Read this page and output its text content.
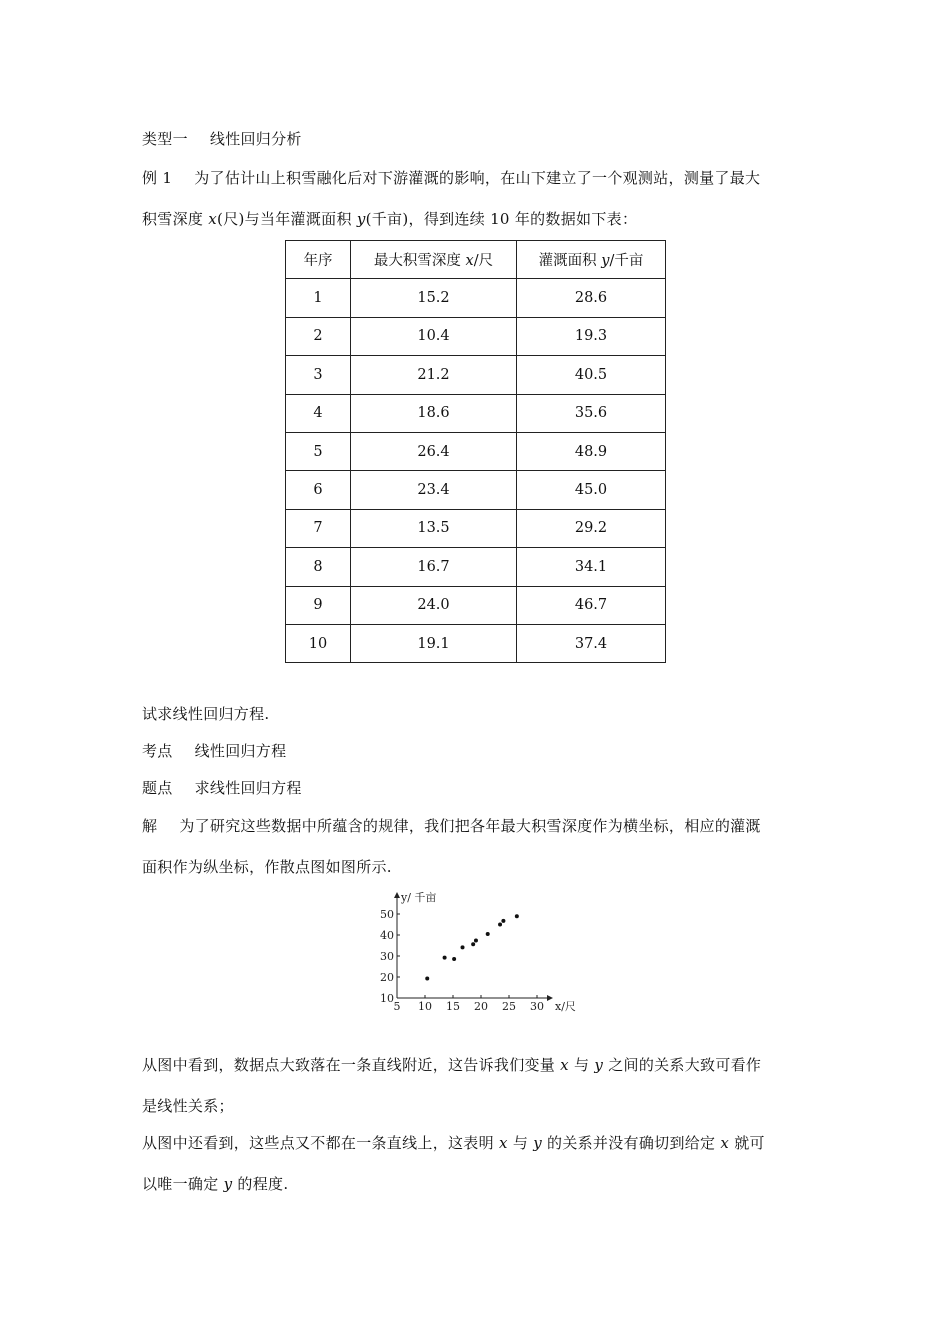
类型一 线性回归分析
例 1 为了估计山上积雪融化后对下游灌溉的影响，在山下建立了一个观测站，测量了最大
积雪深度 x(尺)与当年灌溉面积 y(千亩)，得到连续 10 年的数据如下表：
年序	最大积雪深度 x/尺	灌溉面积 y/千亩
1	15.2	28.6
2	10.4	19.3
3	21.2	40.5
4	18.6	35.6
5	26.4	48.9
6	23.4	45.0
7	13.5	29.2
8	16.7	34.1
9	24.0	46.7
10	19.1	37.4
试求线性回归方程.
考点 线性回归方程
题点 求线性回归方程
解 为了研究这些数据中所蕴含的规律，我们把各年最大积雪深度作为横坐标，相应的灌溉
面积作为纵坐标，作散点图如图所示.
5 10 15 20 25 30
10
20
30
40
50
x/尺
y/ 千亩
从图中看到，数据点大致落在一条直线附近，这告诉我们变量 x 与 y 之间的关系大致可看作
是线性关系；
从图中还看到，这些点又不都在一条直线上，这表明 x 与 y 的关系并没有确切到给定 x 就可
以唯一确定 y 的程度.
